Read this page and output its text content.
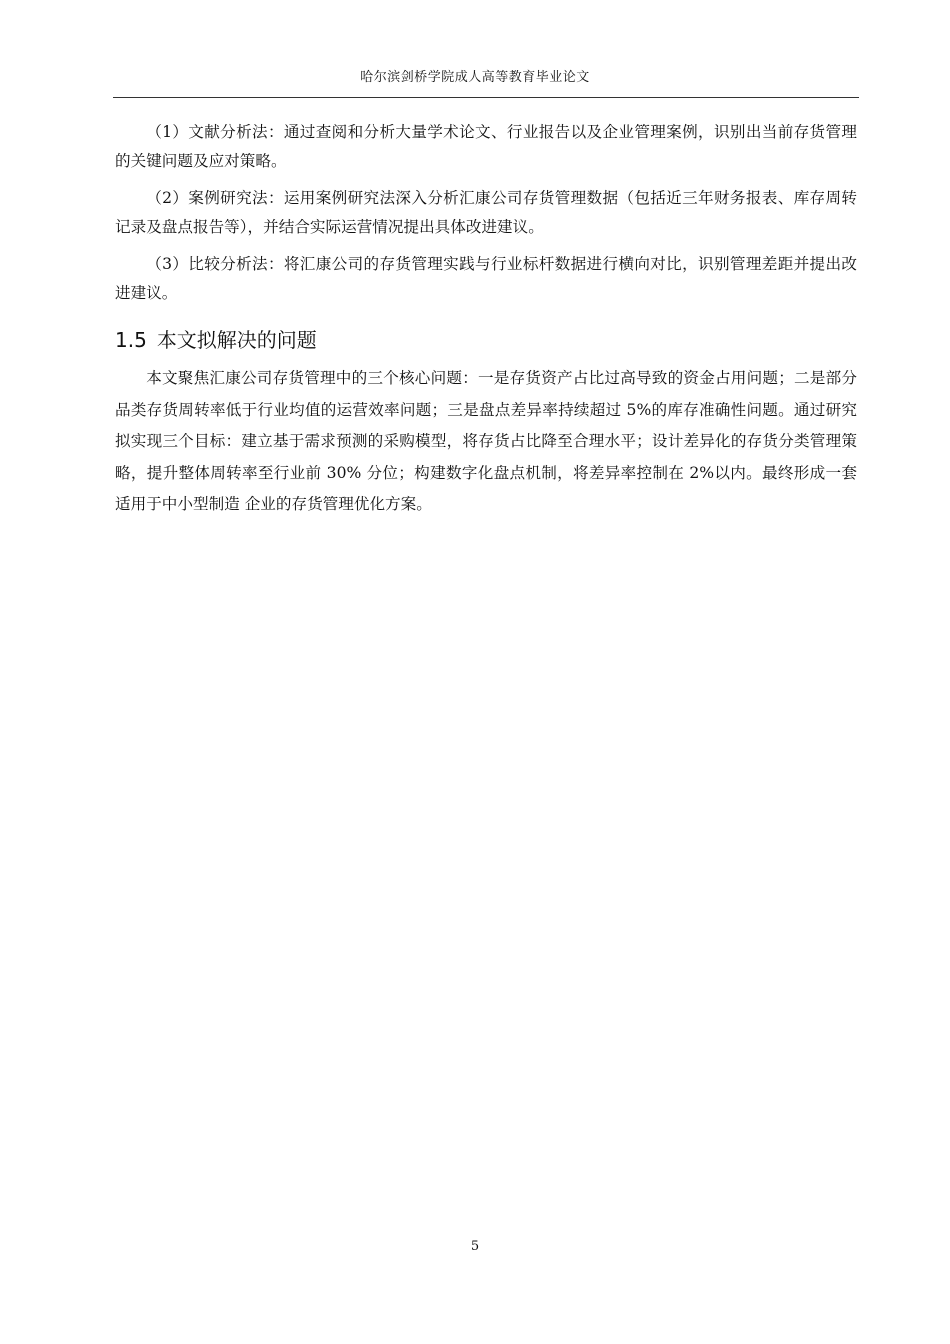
哈尔滨剑桥学院成人高等教育毕业论文

（1）文献分析法：通过查阅和分析大量学术论文、行业报告以及企业管理案例，识别出当前存货管理的关键问题及应对策略。

（2）案例研究法：运用案例研究法深入分析汇康公司存货管理数据（包括近三年财务报表、库存周转记录及盘点报告等），并结合实际运营情况提出具体改进建议。

（3）比较分析法：将汇康公司的存货管理实践与行业标杆数据进行横向对比，识别管理差距并提出改进建议。

1.5 本文拟解决的问题

本文聚焦汇康公司存货管理中的三个核心问题：一是存货资产占比过高导致的资金占用问题；二是部分品类存货周转率低于行业均值的运营效率问题；三是盘点差异率持续超过 5%的库存准确性问题。通过研究拟实现三个目标：建立基于需求预测的采购模型，将存货占比降至合理水平；设计差异化的存货分类管理策略，提升整体周转率至行业前 30% 分位；构建数字化盘点机制，将差异率控制在 2%以内。最终形成一套适用于中小型制造 企业的存货管理优化方案。

5
